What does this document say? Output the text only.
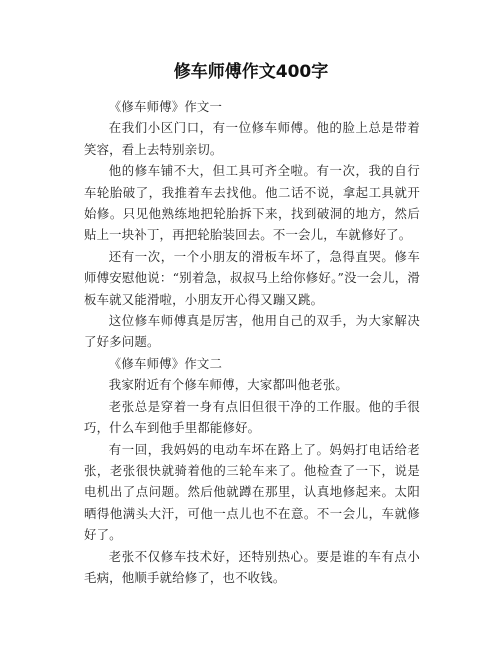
修车师傅作文400字

《修车师傅》作文一

在我们小区门口，有一位修车师傅。他的脸上总是带着笑容，看上去特别亲切。

他的修车铺不大，但工具可齐全啦。有一次，我的自行车轮胎破了，我推着车去找他。他二话不说，拿起工具就开始修。只见他熟练地把轮胎拆下来，找到破洞的地方，然后贴上一块补丁，再把轮胎装回去。不一会儿，车就修好了。

还有一次，一个小朋友的滑板车坏了，急得直哭。修车师傅安慰他说：“别着急，叔叔马上给你修好。”没一会儿，滑板车就又能滑啦，小朋友开心得又蹦又跳。

这位修车师傅真是厉害，他用自己的双手，为大家解决了好多问题。

《修车师傅》作文二

我家附近有个修车师傅，大家都叫他老张。

老张总是穿着一身有点旧但很干净的工作服。他的手很巧，什么车到他手里都能修好。

有一回，我妈妈的电动车坏在路上了。妈妈打电话给老张，老张很快就骑着他的三轮车来了。他检查了一下，说是电机出了点问题。然后他就蹲在那里，认真地修起来。太阳晒得他满头大汗，可他一点儿也不在意。不一会儿，车就修好了。

老张不仅修车技术好，还特别热心。要是谁的车有点小毛病，他顺手就给修了，也不收钱。
